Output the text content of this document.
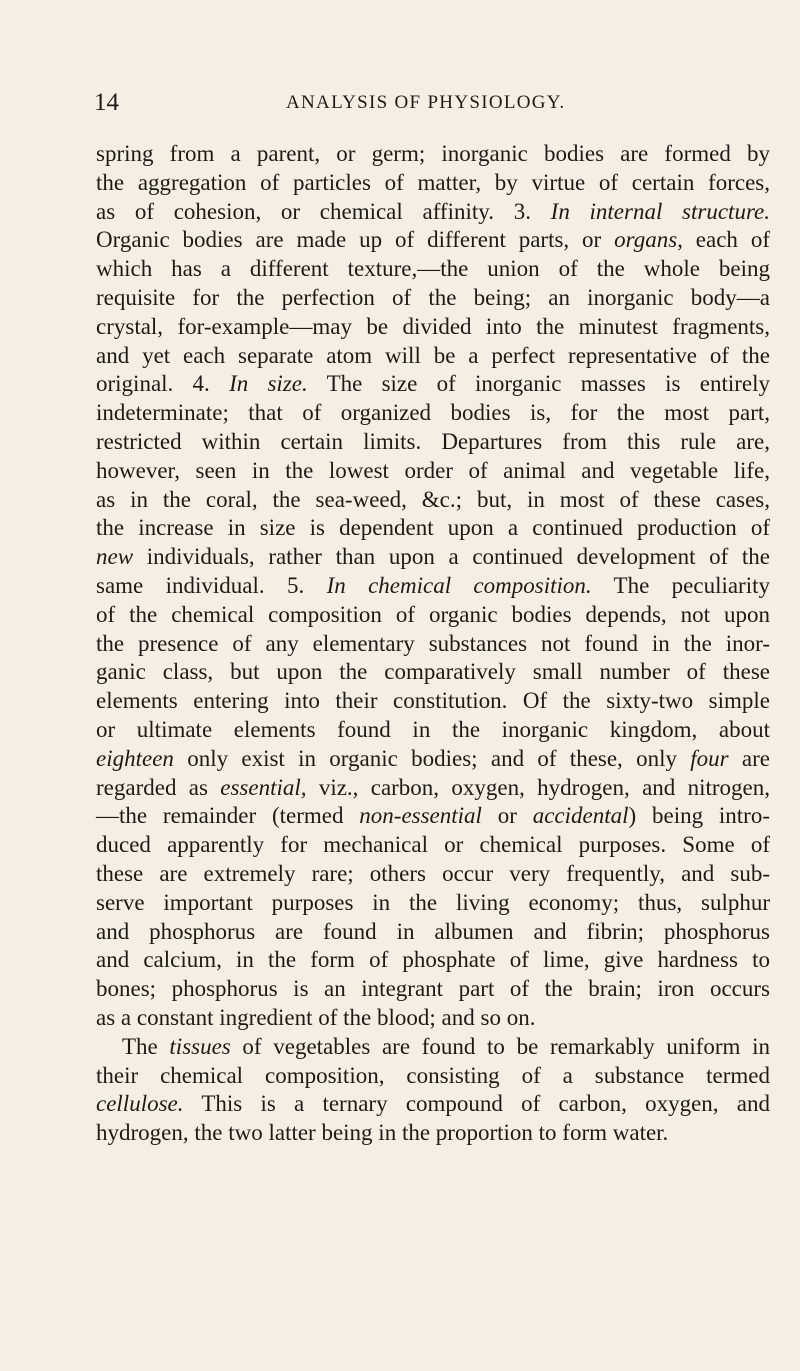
14	ANALYSIS OF PHYSIOLOGY.
spring from a parent, or germ; inorganic bodies are formed by
the aggregation of particles of matter, by virtue of certain forces,
as of cohesion, or chemical affinity. 3. In internal structure.
Organic bodies are made up of different parts, or organs, each of
which has a different texture,—the union of the whole being
requisite for the perfection of the being; an inorganic body—a
crystal, for-example—may be divided into the minutest fragments,
and yet each separate atom will be a perfect representative of the
original. 4. In size. The size of inorganic masses is entirely
indeterminate; that of organized bodies is, for the most part,
restricted within certain limits. Departures from this rule are,
however, seen in the lowest order of animal and vegetable life,
as in the coral, the sea-weed, &c.; but, in most of these cases,
the increase in size is dependent upon a continued production of
new individuals, rather than upon a continued development of the
same individual. 5. In chemical composition. The peculiarity
of the chemical composition of organic bodies depends, not upon
the presence of any elementary substances not found in the inor-
ganic class, but upon the comparatively small number of these
elements entering into their constitution. Of the sixty-two simple
or ultimate elements found in the inorganic kingdom, about
eighteen only exist in organic bodies; and of these, only four are
regarded as essential, viz., carbon, oxygen, hydrogen, and nitrogen,
—the remainder (termed non-essential or accidental) being intro-
duced apparently for mechanical or chemical purposes. Some of
these are extremely rare; others occur very frequently, and sub-
serve important purposes in the living economy; thus, sulphur
and phosphorus are found in albumen and fibrin; phosphorus
and calcium, in the form of phosphate of lime, give hardness to
bones; phosphorus is an integrant part of the brain; iron occurs
as a constant ingredient of the blood; and so on.
The tissues of vegetables are found to be remarkably uniform in
their chemical composition, consisting of a substance termed
cellulose. This is a ternary compound of carbon, oxygen, and
hydrogen, the two latter being in the proportion to form water.
